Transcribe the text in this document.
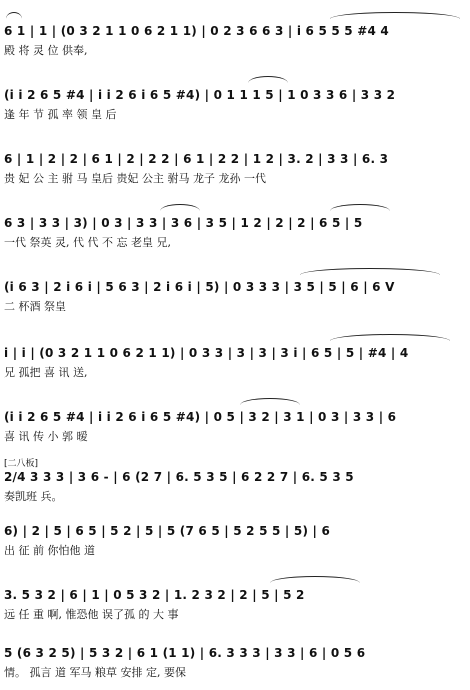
6 1 | 1 | (0 3 2 1 1 0 6 2 1 1) | 0 2 3 6 6 3 | i 6 5 5 5 #4 4
殿 将 灵 位 供奉,
(i i 2 6 5 #4 | i i 2 6 i 6 5 #4) | 0 1 1 1 5 | 1 0 3 3 6 | 3 3 2
逢 年 节 孤 率 领 皇 后
6 | 1 | 2 | 2 | 6 1 | 2 | 2 2 | 6 1 | 2 2 | 1 2 | 3. 2 | 3 3 | 6. 3
贵 妃 公 主 驸 马 皇后 贵妃 公主 驸马 龙子 龙孙 一代
6 3 | 3 3 | 3) | 0 3 | 3 3 | 3 6 | 3 5 | 1 2 | 2 | 2 | 6 5 | 5
一代 祭英 灵, 代 代 不 忘 老皇 兄,
(i 6 3 | 2 i 6 i | 5 6 3 | 2 i 6 i | 5) | 0 3 3 3 | 3 5 | 5 | 6 | 6 V
二 杯酒 祭皇
i | i | (0 3 2 1 1 0 6 2 1 1) | 0 3 3 | 3 | 3 | 3 i | 6 5 | 5 | #4 | 4
兄 孤把 喜 讯 送,
(i i 2 6 5 #4 | i i 2 6 i 6 5 #4) | 0 5 | 3 2 | 3 1 | 0 3 | 3 3 | 6
喜 讯 传 小 郭 暧
[二八板]
2/4 3 3 3 | 3 6 - | 6 (2 7 | 6. 5 3 5 | 6 2 2 7 | 6. 5 3 5
奏凯班 兵。
6) | 2 | 5 | 6 5 | 5 2 | 5 | 5 (7 6 5 | 5 2 5 5 | 5) | 6
出 征 前 你怕他 道
3. 5 3 2 | 6 | 1 | 0 5 3 2 | 1. 2 3 2 | 2 | 5 | 5 2
远 任 重 啊, 惟恐他 误了孤 的 大 事
5 (6 3 2 5) | 5 3 2 | 6 1 (1 1) | 6. 3 3 3 | 3 3 | 6 | 0 5 6
情。 孤言 道 军马 粮草 安排 定, 要保
